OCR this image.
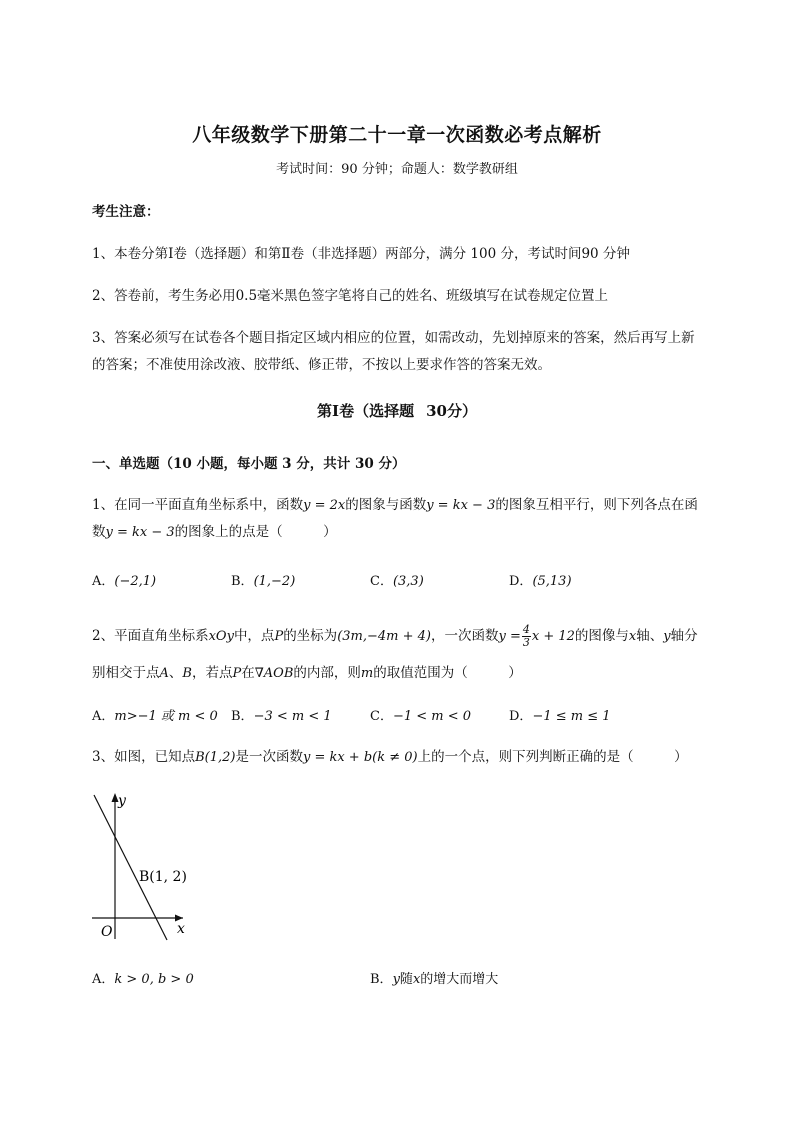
八年级数学下册第二十一章一次函数必考点解析
考试时间：90 分钟；命题人：数学教研组
考生注意：
1、本卷分第Ⅰ卷（选择题）和第Ⅱ卷（非选择题）两部分，满分 100 分，考试时间90 分钟
2、答卷前，考生务必用0.5毫米黑色签字笔将自己的姓名、班级填写在试卷规定位置上
3、答案必须写在试卷各个题目指定区域内相应的位置，如需改动，先划掉原来的答案，然后再写上新
的答案；不准使用涂改液、胶带纸、修正带，不按以上要求作答的答案无效。
第Ⅰ卷（选择题 30分）
一、单选题（10 小题，每小题 3 分，共计 30 分）
1、在同一平面直角坐标系中，函数y = 2x的图象与函数y = kx − 3的图象互相平行，则下列各点在函
数y = kx − 3的图象上的点是（　　　）
A．(−2,1)	B．(1,−2)	C．(3,3)	D．(5,13)
2、平面直角坐标系xOy中，点P的坐标为(3m,−4m + 4)，一次函数$y = \frac{4}{3}$ x + 12的图像与x轴、y轴分
别相交于点A、B，若点P在∇AOB的内部，则m的取值范围为（　　　）
A．m>−1 或 m < 0 B．−3 < m < 1	C．−1 < m < 0	D．−1 ≤ m ≤ 1
3、如图，已知点B(1,2)是一次函数y = kx + b(k ≠ 0)上的一个点，则下列判断正确的是（　　　）
y
x
O
B(1, 2)
A．k > 0, b > 0	B．y随x的增大而增大
